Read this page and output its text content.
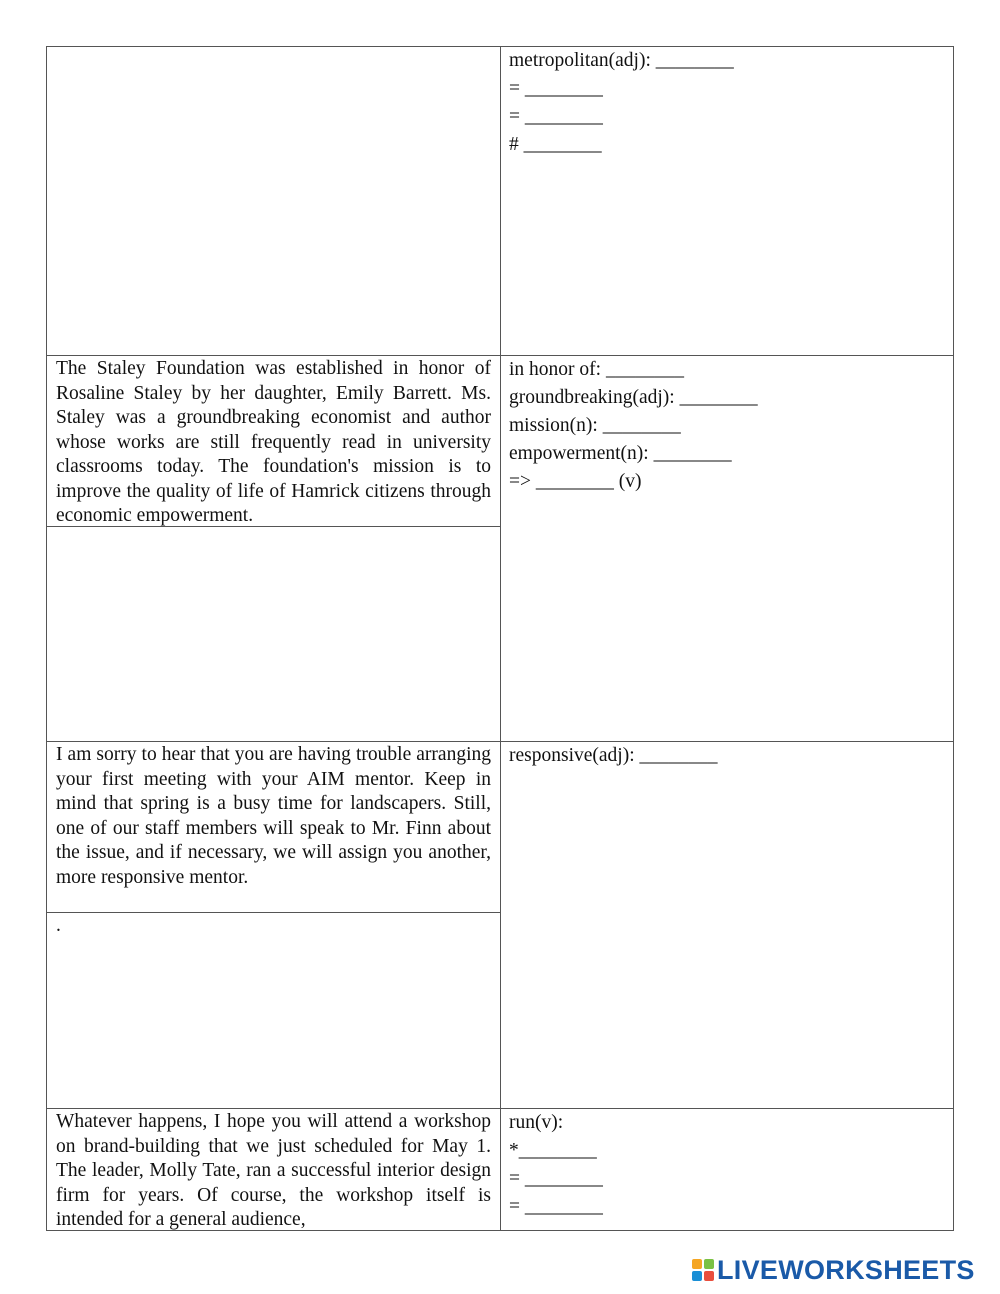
metropolitan(adj): ________
= ________
= ________
# ________

The Staley Foundation was established in honor of Rosaline Staley by her daughter, Emily Barrett. Ms. Staley was a groundbreaking economist and author whose works are still frequently read in university classrooms today. The foundation's mission is to improve the quality of life of Hamrick citizens through economic empowerment.

in honor of: ________
groundbreaking(adj): ________
mission(n): ________
empowerment(n): ________
=> ________ (v)

I am sorry to hear that you are having trouble arranging your first meeting with your AIM mentor. Keep in mind that spring is a busy time for landscapers. Still, one of our staff members will speak to Mr. Finn about the issue, and if necessary, we will assign you another, more responsive mentor.

.
responsive(adj): ________

Whatever happens, I hope you will attend a workshop on brand-building that we just scheduled for May 1. The leader, Molly Tate, ran a successful interior design firm for years. Of course, the workshop itself is intended for a general audience,

run(v):
*________
= ________
= ________
LIVEWORKSHEETS
